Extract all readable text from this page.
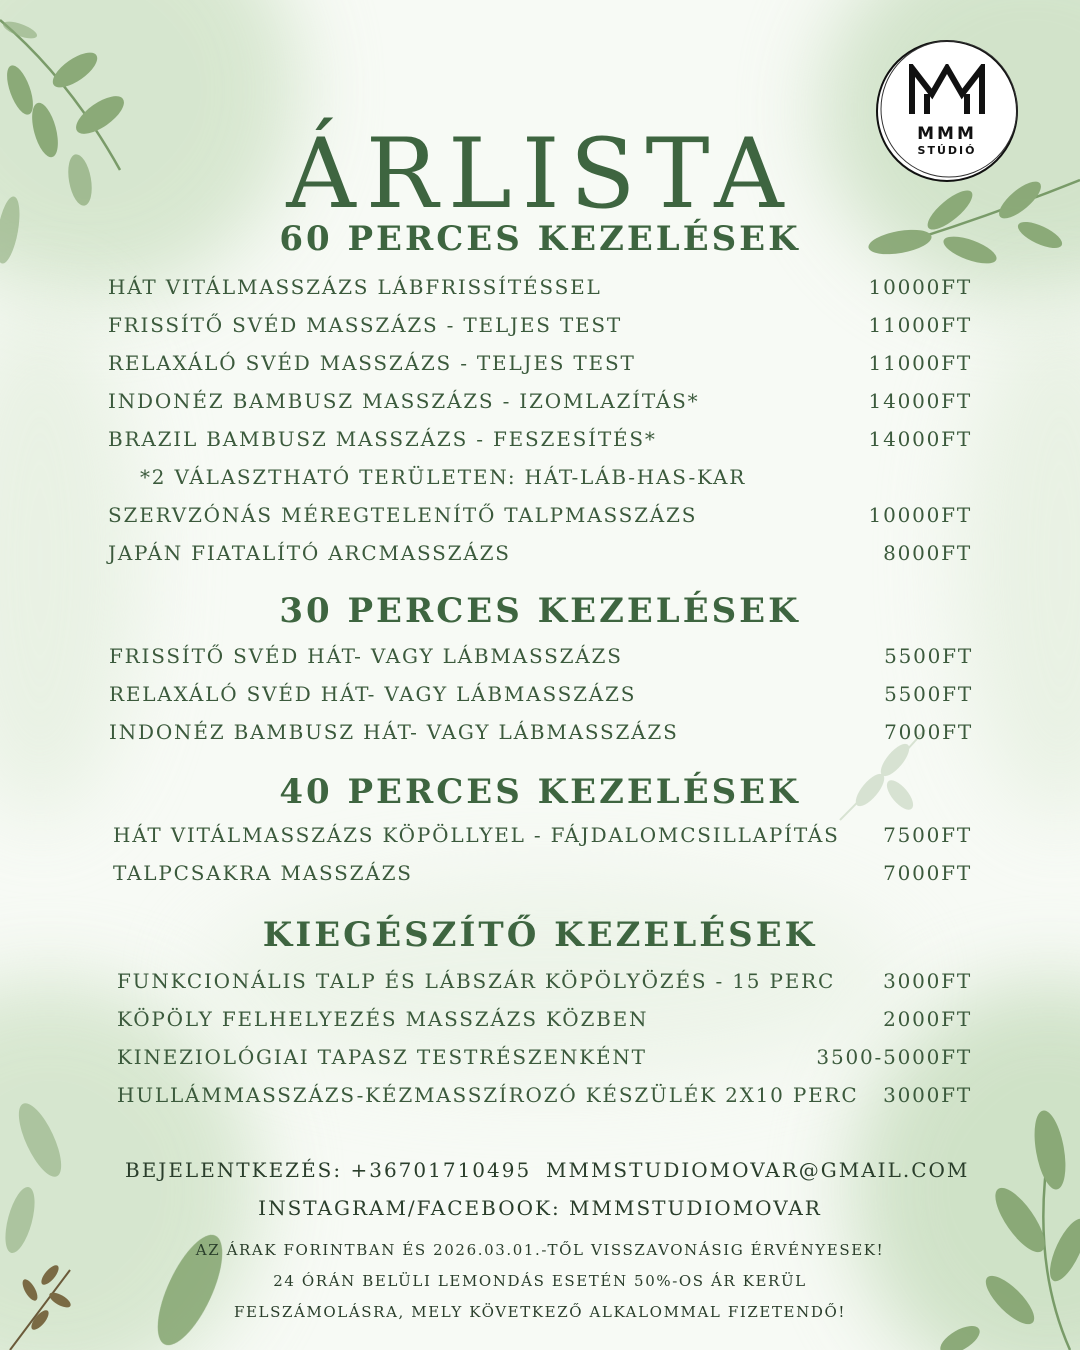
ÁRLISTA	MMM
STÚDIÓ
60 PERCES KEZELÉSEK
HÁT VITÁLMASSZÁZS LÁBFRISSÍTÉSSEL	10000FT
FRISSÍTŐ SVÉD MASSZÁZS - TELJES TEST	11000FT
RELAXÁLÓ SVÉD MASSZÁZS - TELJES TEST	11000FT
INDONÉZ BAMBUSZ MASSZÁZS - IZOMLAZÍTÁS*	14000FT
BRAZIL BAMBUSZ MASSZÁZS - FESZESÍTÉS*	14000FT
*2 VÁLASZTHATÓ TERÜLETEN: HÁT-LÁB-HAS-KAR
SZERVZÓNÁS MÉREGTELENÍTŐ TALPMASSZÁZS	10000FT
JAPÁN FIATALÍTÓ ARCMASSZÁZS	8000FT
30 PERCES KEZELÉSEK
FRISSÍTŐ SVÉD HÁT- VAGY LÁBMASSZÁZS	5500FT
RELAXÁLÓ SVÉD HÁT- VAGY LÁBMASSZÁZS	5500FT
INDONÉZ BAMBUSZ HÁT- VAGY LÁBMASSZÁZS	7000FT
40 PERCES KEZELÉSEK
HÁT VITÁLMASSZÁZS KÖPÖLLYEL - FÁJDALOMCSILLAPÍTÁS 7500FT
TALPCSAKRA MASSZÁZS	7000FT
KIEGÉSZÍTŐ KEZELÉSEK
FUNKCIONÁLIS TALP ÉS LÁBSZÁR KÖPÖLYÖZÉS - 15 PERC 3000FT
KÖPÖLY FELHELYEZÉS MASSZÁZS KÖZBEN	2000FT
KINEZIOLÓGIAI TAPASZ TESTRÉSZENKÉNT	3500-5000FT
HULLÁMMASSZÁZS-KÉZMASSZÍROZÓ KÉSZÜLÉK 2X10 PERC 3000FT
BEJELENTKEZÉS: +36701710495 MMMSTUDIOMOVAR@GMAIL.COM
INSTAGRAM/FACEBOOK: MMMSTUDIOMOVAR
AZ ÁRAK FORINTBAN ÉS 2026.03.01.-TŐL VISSZAVONÁSIG ÉRVÉNYESEK!
24 ÓRÁN BELÜLI LEMONDÁS ESETÉN 50%-OS ÁR KERÜL
FELSZÁMOLÁSRA, MELY KÖVETKEZŐ ALKALOMMAL FIZETENDŐ!
